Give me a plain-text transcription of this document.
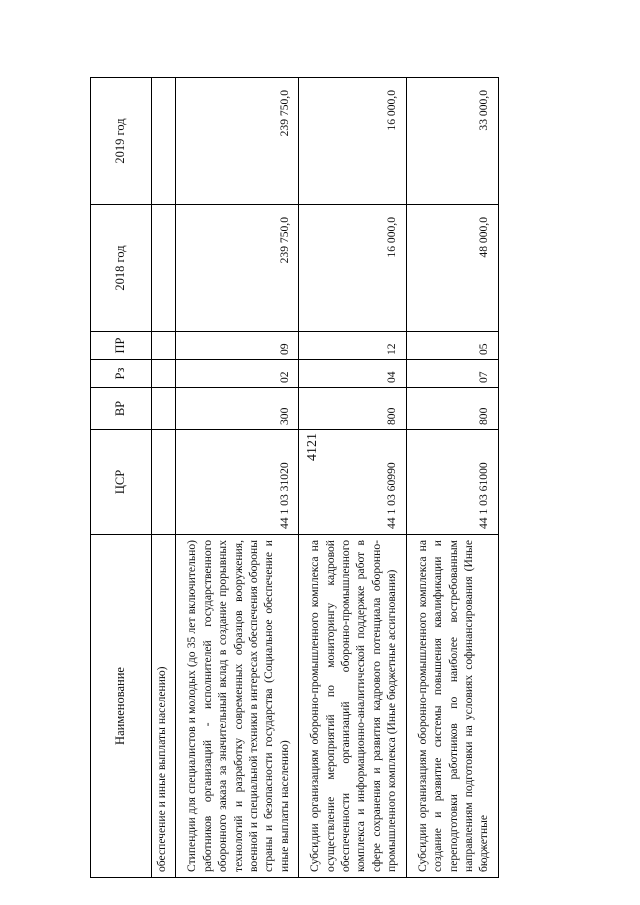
4121
Наименование	ЦСР	ВР	Рз	ПР	2018 год	2019 год
обеспечение и иные выплаты населению)						
Стипендии для специалистов и молодых (до 35 лет включительно) работников организаций - исполнителей государственного оборонного заказа за значительный вклад в создание прорывных технологий и разработку современных образцов вооружения, военной и специальной техники в интересах обеспечения обороны страны и безопасности государства (Социальное обеспечение и иные выплаты населению)	44 1 03 31020	300	02	09	239 750,0	239 750,0
Субсидии организациям оборонно-промышленного комплекса на осуществление мероприятий по мониторингу кадровой обеспеченности организаций оборонно-промышленного комплекса и информационно-аналитической поддержке работ в сфере сохранения и развития кадрового потенциала оборонно-промышленного комплекса (Иные бюджетные ассигнования)	44 1 03 60990	800	04	12	16 000,0	16 000,0
Субсидии организациям оборонно-промышленного комплекса на создание и развитие системы повышения квалификации и переподготовки работников по наиболее востребованным направлениям подготовки на условиях софинансирования (Иные бюджетные	44 1 03 61000	800	07	05	48 000,0	33 000,0
